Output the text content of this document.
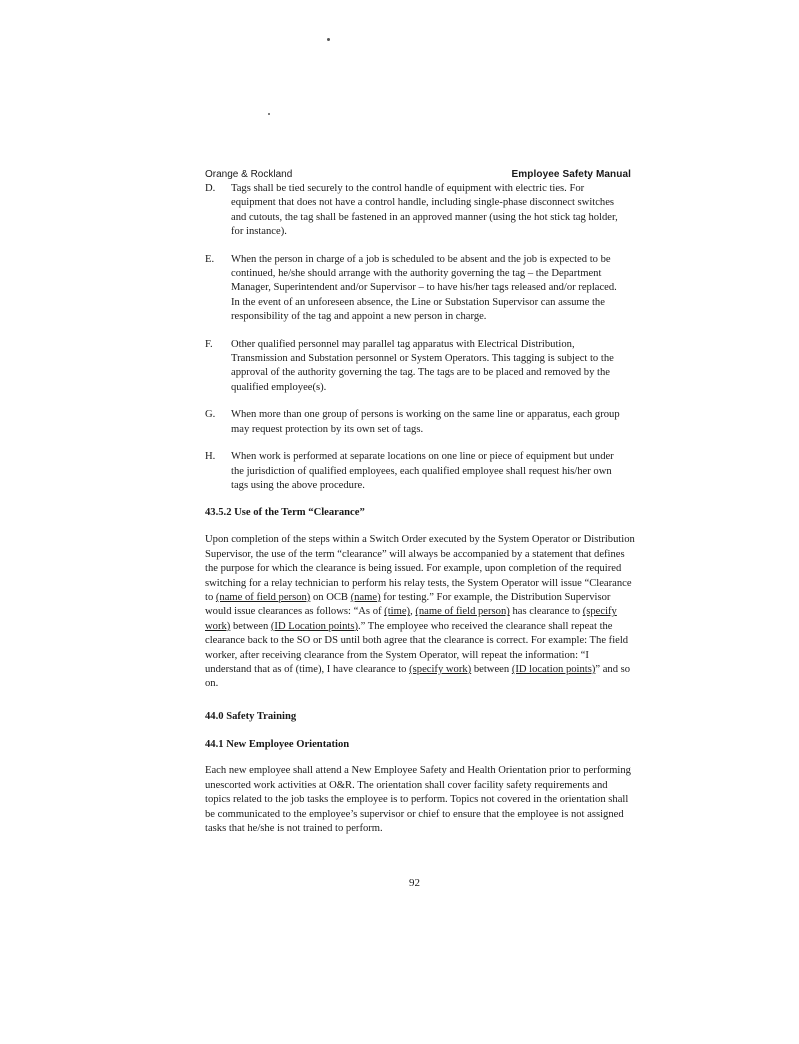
Orange & Rockland	Employee Safety Manual
D.	Tags shall be tied securely to the control handle of equipment with electric ties. For equipment that does not have a control handle, including single-phase disconnect switches and cutouts, the tag shall be fastened in an approved manner (using the hot stick tag holder, for instance).
E.	When the person in charge of a job is scheduled to be absent and the job is expected to be continued, he/she should arrange with the authority governing the tag – the Department Manager, Superintendent and/or Supervisor – to have his/her tags released and/or replaced. In the event of an unforeseen absence, the Line or Substation Supervisor can assume the responsibility of the tag and appoint a new person in charge.
F.	Other qualified personnel may parallel tag apparatus with Electrical Distribution, Transmission and Substation personnel or System Operators. This tagging is subject to the approval of the authority governing the tag. The tags are to be placed and removed by the qualified employee(s).
G.	When more than one group of persons is working on the same line or apparatus, each group may request protection by its own set of tags.
H.	When work is performed at separate locations on one line or piece of equipment but under the jurisdiction of qualified employees, each qualified employee shall request his/her own tags using the above procedure.

43.5.2 Use of the Term “Clearance”

Upon completion of the steps within a Switch Order executed by the System Operator or Distribution Supervisor, the use of the term “clearance” will always be accompanied by a statement that defines the purpose for which the clearance is being issued. For example, upon completion of the required switching for a relay technician to perform his relay tests, the System Operator will issue “Clearance to (name of field person) on OCB (name) for testing.” For example, the Distribution Supervisor would issue clearances as follows: “As of (time), (name of field person) has clearance to (specify work) between (ID Location points).” The employee who received the clearance shall repeat the clearance back to the SO or DS until both agree that the clearance is correct. For example: The field worker, after receiving clearance from the System Operator, will repeat the information: “I understand that as of (time), I have clearance to (specify work) between (ID location points)” and so on.

44.0 Safety Training

44.1 New Employee Orientation

Each new employee shall attend a New Employee Safety and Health Orientation prior to performing unescorted work activities at O&R. The orientation shall cover facility safety requirements and topics related to the job tasks the employee is to perform. Topics not covered in the orientation shall be communicated to the employee’s supervisor or chief to ensure that the employee is not assigned tasks that he/she is not trained to perform.

92
